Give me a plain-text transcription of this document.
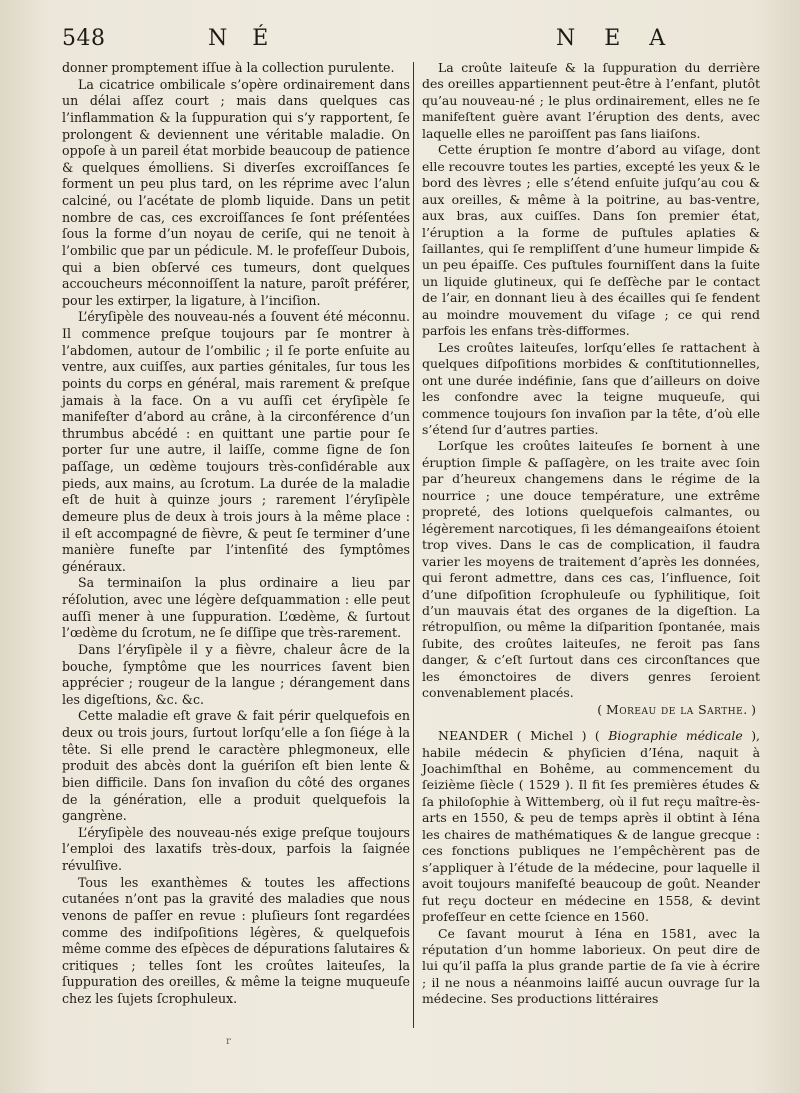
548	N É	N E A

donner promptement iſſue à la collection purulente.

La cicatrice ombilicale s’opère ordinairement dans un délai aſſez court ; mais dans quelques cas l’inflammation & la ſuppuration qui s’y rapportent, ſe prolongent & deviennent une véritable maladie. On oppoſe à un pareil état morbide beaucoup de patience & quelques émolliens. Si diverſes excroiſſances ſe forment un peu plus tard, on les réprime avec l’alun calciné, ou l’acétate de plomb liquide. Dans un petit nombre de cas, ces excroiſſances ſe ſont préſentées ſous la forme d’un noyau de ceriſe, qui ne tenoit à l’ombilic que par un pédicule. M. le profeſſeur Dubois, qui a bien obſervé ces tumeurs, dont quelques accoucheurs méconnoiſſent la nature, paroît préférer, pour les extirper, la ligature, à l’inciſion.

L’éryſipèle des nouveau-nés a ſouvent été méconnu. Il commence preſque toujours par ſe montrer à l’abdomen, autour de l’ombilic ; il ſe porte enſuite au ventre, aux cuiſſes, aux parties génitales, ſur tous les points du corps en général, mais rarement & preſque jamais à la face. On a vu auſſi cet éryſipèle ſe manifeſter d’abord au crâne, à la circonférence d’un thrumbus abcédé : en quittant une partie pour ſe porter ſur une autre, il laiſſe, comme ſigne de ſon paſſage, un œdème toujours très-conſidérable aux pieds, aux mains, au ſcrotum. La durée de la maladie eſt de huit à quinze jours ; rarement l’éryſipèle demeure plus de deux à trois jours à la même place : il eſt accompagné de fièvre, & peut ſe terminer d’une manière funeſte par l’intenſité des ſymptômes généraux.

Sa terminaiſon la plus ordinaire a lieu par réſolution, avec une légère deſquammation : elle peut auſſi mener à une ſuppuration. L’œdème, & ſurtout l’œdème du ſcrotum, ne ſe diſſipe que très-rarement.

Dans l’éryſipèle il y a fièvre, chaleur âcre de la bouche, ſymptôme que les nourrices ſavent bien apprécier ; rougeur de la langue ; dérangement dans les digeſtions, &c. &c.

Cette maladie eſt grave & fait périr quelquefois en deux ou trois jours, ſurtout lorſqu’elle a ſon ſiége à la tête. Si elle prend le caractère phlegmoneux, elle produit des abcès dont la guériſon eſt bien lente & bien difficile. Dans ſon invaſion du côté des organes de la génération, elle a produit quelquefois la gangrène.

L’éryſipèle des nouveau-nés exige preſque toujours l’emploi des laxatifs très-doux, parfois la ſaignée révulſive.

Tous les exanthèmes & toutes les affections cutanées n’ont pas la gravité des maladies que nous venons de paſſer en revue : pluſieurs ſont regardées comme des indiſpoſitions légères, & quelquefois même comme des eſpèces de dépurations ſalutaires & critiques ; telles ſont les croûtes laiteuſes, la ſuppuration des oreilles, & même la teigne muqueuſe chez les ſujets ſcrophuleux.

La croûte laiteuſe & la ſuppuration du derrière des oreilles appartiennent peut-être à l’enfant, plutôt qu’au nouveau-né ; le plus ordinairement, elles ne ſe manifeſtent guère avant l’éruption des dents, avec laquelle elles ne paroiſſent pas ſans liaiſons.

Cette éruption ſe montre d’abord au viſage, dont elle recouvre toutes les parties, excepté les yeux & le bord des lèvres ; elle s’étend enſuite juſqu’au cou & aux oreilles, & même à la poitrine, au bas-ventre, aux bras, aux cuiſſes. Dans ſon premier état, l’éruption a la forme de puſtules aplaties & ſaillantes, qui ſe rempliſſent d’une humeur limpide & un peu épaiſſe. Ces puſtules fourniſſent dans la ſuite un liquide glutineux, qui ſe deſſèche par le contact de l’air, en donnant lieu à des écailles qui ſe fendent au moindre mouvement du viſage ; ce qui rend parfois les enfans très-difformes.

Les croûtes laiteuſes, lorſqu’elles ſe rattachent à quelques diſpoſitions morbides & conſtitutionnelles, ont une durée indéfinie, ſans que d’ailleurs on doive les confondre avec la teigne muqueuſe, qui commence toujours ſon invaſion par la tête, d’où elle s’étend ſur d’autres parties.

Lorſque les croûtes laiteuſes ſe bornent à une éruption ſimple & paſſagère, on les traite avec ſoin par d’heureux changemens dans le régime de la nourrice ; une douce température, une extrême propreté, des lotions quelquefois calmantes, ou légèrement narcotiques, ſi les démangeaiſons étoient trop vives. Dans le cas de complication, il faudra varier les moyens de traitement d’après les données, qui feront admettre, dans ces cas, l’influence, ſoit d’une diſpoſition ſcrophuleuſe ou ſyphilitique, ſoit d’un mauvais état des organes de la digeſtion. La rétropulſion, ou même la diſparition ſpontanée, mais ſubite, des croûtes laiteuſes, ne feroit pas ſans danger, & c’eſt ſurtout dans ces circonſtances que les émonctoires de divers genres ſeroient convenablement placés.

( Moreau de la Sarthe. )

NEANDER ( Michel ) ( Biographie médicale ), habile médecin & phyſicien d’Iéna, naquit à Joachimſthal en Bohême, au commencement du ſeizième ſiècle ( 1529 ). Il fit ſes premières études & ſa philoſophie à Wittemberg, où il fut reçu maître-ès-arts en 1550, & peu de temps après il obtint à Iéna les chaires de mathématiques & de langue grecque : ces fonctions publiques ne l’empêchèrent pas de s’appliquer à l’étude de la médecine, pour laquelle il avoit toujours manifeſté beaucoup de goût. Neander fut reçu docteur en médecine en 1558, & devint profeſſeur en cette ſcience en 1560.

Ce ſavant mourut à Iéna en 1581, avec la réputation d’un homme laborieux. On peut dire de lui qu’il paſſa la plus grande partie de ſa vie à écrire ; il ne nous a néanmoins laiſſé aucun ouvrage ſur la médecine. Ses productions littéraires

r
